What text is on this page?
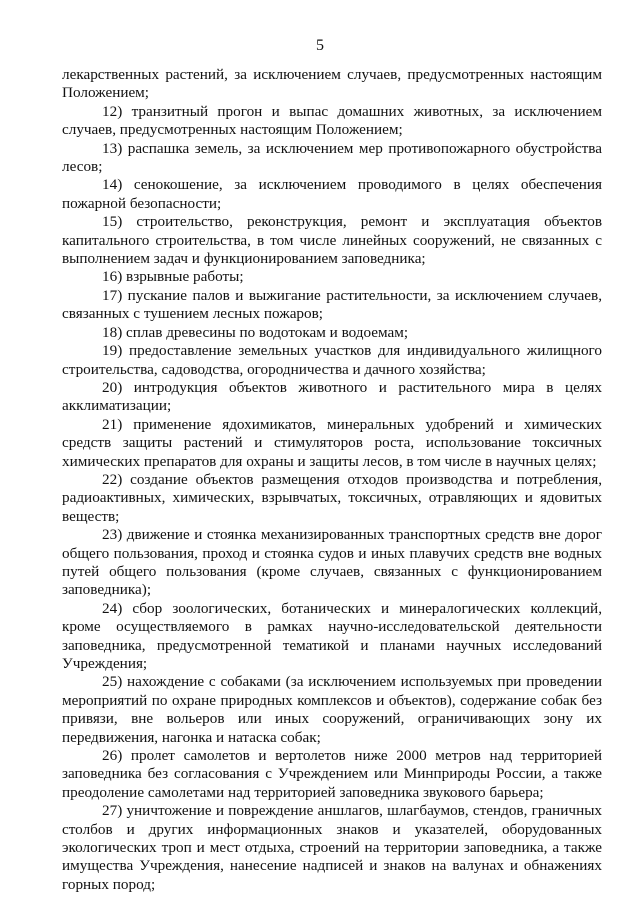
5

лекарственных растений, за исключением случаев, предусмотренных настоящим Положением;

12) транзитный прогон и выпас домашних животных, за исключением случаев, предусмотренных настоящим Положением;

13) распашка земель, за исключением мер противопожарного обустройства лесов;

14) сенокошение, за исключением проводимого в целях обеспечения пожарной безопасности;

15) строительство, реконструкция, ремонт и эксплуатация объектов капитального строительства, в том числе линейных сооружений, не связанных с выполнением задач и функционированием заповедника;

16) взрывные работы;

17) пускание палов и выжигание растительности, за исключением случаев, связанных с тушением лесных пожаров;

18) сплав древесины по водотокам и водоемам;

19) предоставление земельных участков для индивидуального жилищного строительства, садоводства, огородничества и дачного хозяйства;

20) интродукция объектов животного и растительного мира в целях акклиматизации;

21) применение ядохимикатов, минеральных удобрений и химических средств защиты растений и стимуляторов роста, использование токсичных химических препаратов для охраны и защиты лесов, в том числе в научных целях;

22) создание объектов размещения отходов производства и потребления, радиоактивных, химических, взрывчатых, токсичных, отравляющих и ядовитых веществ;

23) движение и стоянка механизированных транспортных средств вне дорог общего пользования, проход и стоянка судов и иных плавучих средств вне водных путей общего пользования (кроме случаев, связанных с функционированием заповедника);

24) сбор зоологических, ботанических и минералогических коллекций, кроме осуществляемого в рамках научно-исследовательской деятельности заповедника, предусмотренной тематикой и планами научных исследований Учреждения;

25) нахождение с собаками (за исключением используемых при проведении мероприятий по охране природных комплексов и объектов), содержание собак без привязи, вне вольеров или иных сооружений, ограничивающих зону их передвижения, нагонка и натаска собак;

26) пролет самолетов и вертолетов ниже 2000 метров над территорией заповедника без согласования с Учреждением или Минприроды России, а также преодоление самолетами над территорией заповедника звукового барьера;

27) уничтожение и повреждение аншлагов, шлагбаумов, стендов, граничных столбов и других информационных знаков и указателей, оборудованных экологических троп и мест отдыха, строений на территории заповедника, а также имущества Учреждения, нанесение надписей и знаков на валунах и обнажениях горных пород;
